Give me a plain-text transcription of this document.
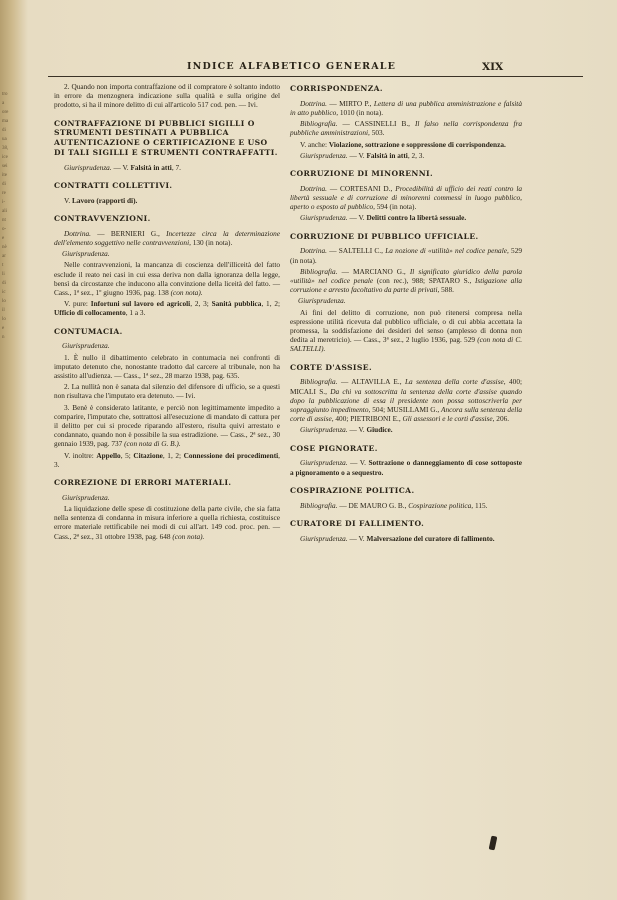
tro
a
ore
ma
di
ua
38,
ice
sei
ite
di
re
i-
ali
nt
o-
e
nè
ar
t
li
di
ic
lo
il
lo
e
n
INDICE ALFABETICO GENERALE	XIX

2. Quando non importa contraffazione od il compratore è soltanto indotto in errore da menzognera indicazione sulla qualità e sulla origine del prodotto, si ha il minore delitto di cui all'articolo 517 cod. pen. — Ivi.

CONTRAFFAZIONE DI PUBBLICI SIGILLI O STRUMENTI DESTINATI A PUBBLICA AUTENTICAZIONE O CERTIFICAZIONE E USO DI TALI SIGILLI E STRUMENTI CONTRAFFATTI.

Giurisprudenza. — V. Falsità in atti, 7.

CONTRATTI COLLETTIVI.

V. Lavoro (rapporti di).

CONTRAVVENZIONI.

Dottrina. — BERNIERI G., Incertezze circa la determinazione dell'elemento soggettivo nelle contravvenzioni, 130 (in nota).

Giurisprudenza.

Nelle contravvenzioni, la mancanza di coscienza dell'illiceità del fatto esclude il reato nei casi in cui essa deriva non dalla ignoranza della legge, bensì da circostanze che inducono alla convinzione della liceità del fatto. — Cass., 1ª sez., 1º giugno 1936, pag. 138 (con nota).

V. pure: Infortuni sul lavoro ed agricoli, 2, 3; Sanità pubblica, 1, 2; Ufficio di collocamento, 1 a 3.

CONTUMACIA.
Giurisprudenza.

1. È nullo il dibattimento celebrato in contumacia nei confronti di imputato detenuto che, nonostante tradotto dal carcere al tribunale, non ha assistito all'udienza. — Cass., 1ª sez., 28 marzo 1938, pag. 635.

2. La nullità non è sanata dal silenzio del difensore di ufficio, se a questi non risultava che l'imputato era detenuto. — Ivi.

3. Benè è considerato latitante, e perciò non legittimamente impedito a comparire, l'imputato che, sottrattosi all'esecuzione di mandato di cattura per il delitto per cui si procede riparando all'estero, risulta quivi arrestato e condannato, quando non è possibile la sua estradizione. — Cass., 2ª sez., 30 gennaio 1939, pag. 737 (con nota di G. B.).

V. inoltre: Appello, 5; Citazione, 1, 2; Connessione dei procedimenti, 3.

CORREZIONE DI ERRORI MATERIALI.
Giurisprudenza.

La liquidazione delle spese di costituzione della parte civile, che sia fatta nella sentenza di condanna in misura inferiore a quella richiesta, costituisce errore materiale rettificabile nei modi di cui all'art. 149 cod. proc. pen. — Cass., 2ª sez., 31 ottobre 1938, pag. 648 (con nota).

CORRISPONDENZA.

Dottrina. — MIRTO P., Lettera di una pubblica amministrazione e falsità in atto pubblico, 1010 (in nota).

Bibliografia. — CASSINELLI B., Il falso nella corrispondenza fra pubbliche amministrazioni, 503.

V. anche: Violazione, sottrazione e soppressione di corrispondenza.

Giurisprudenza. — V. Falsità in atti, 2, 3.

CORRUZIONE DI MINORENNI.

Dottrina. — CORTESANI D., Procedibilità di ufficio dei reati contro la libertà sessuale e di corruzione di minorenni commessi in luogo pubblico, aperto o esposto al pubblico, 594 (in nota).

Giurisprudenza. — V. Delitti contro la libertà sessuale.

CORRUZIONE DI PUBBLICO UFFICIALE.

Dottrina. — SALTELLI C., La nozione di «utilità» nel codice penale, 529 (in nota).

Bibliografia. — MARCIANO G., Il significato giuridico della parola «utilità» nel codice penale (con rec.), 988; SPATARO S., Istigazione alla corruzione e arresto facoltativo da parte di privati, 588.

Giurisprudenza.

Ai fini del delitto di corruzione, non può ritenersi compresa nella espressione utilità ricevuta dal pubblico ufficiale, o di cui abbia accettata la promessa, la soddisfazione dei desideri del senso (amplesso di donna non dedita al meretricio). — Cass., 3ª sez., 2 luglio 1936, pag. 529 (con nota di C. SALTELLI).

CORTE D'ASSISE.

Bibliografia. — ALTAVILLA E., La sentenza della corte d'assise, 400; MICALI S., Da chi va sottoscritta la sentenza della corte d'assise quando dopo la pubblicazione di essa il presidente non possa sottoscriverla per sopraggiunto impedimento, 504; MUSILLAMI G., Ancora sulla sentenza della corte di assise, 400; PIETRIBONI E., Gli assessori e le corti d'assise, 206.

Giurisprudenza. — V. Giudice.

COSE PIGNORATE.

Giurisprudenza. — V. Sottrazione o danneggiamento di cose sottoposte a pignoramento o a sequestro.

COSPIRAZIONE POLITICA.

Bibliografia. — DE MAURO G. B., Cospirazione politica, 115.

CURATORE DI FALLIMENTO.

Giurisprudenza. — V. Malversazione del curatore di fallimento.
